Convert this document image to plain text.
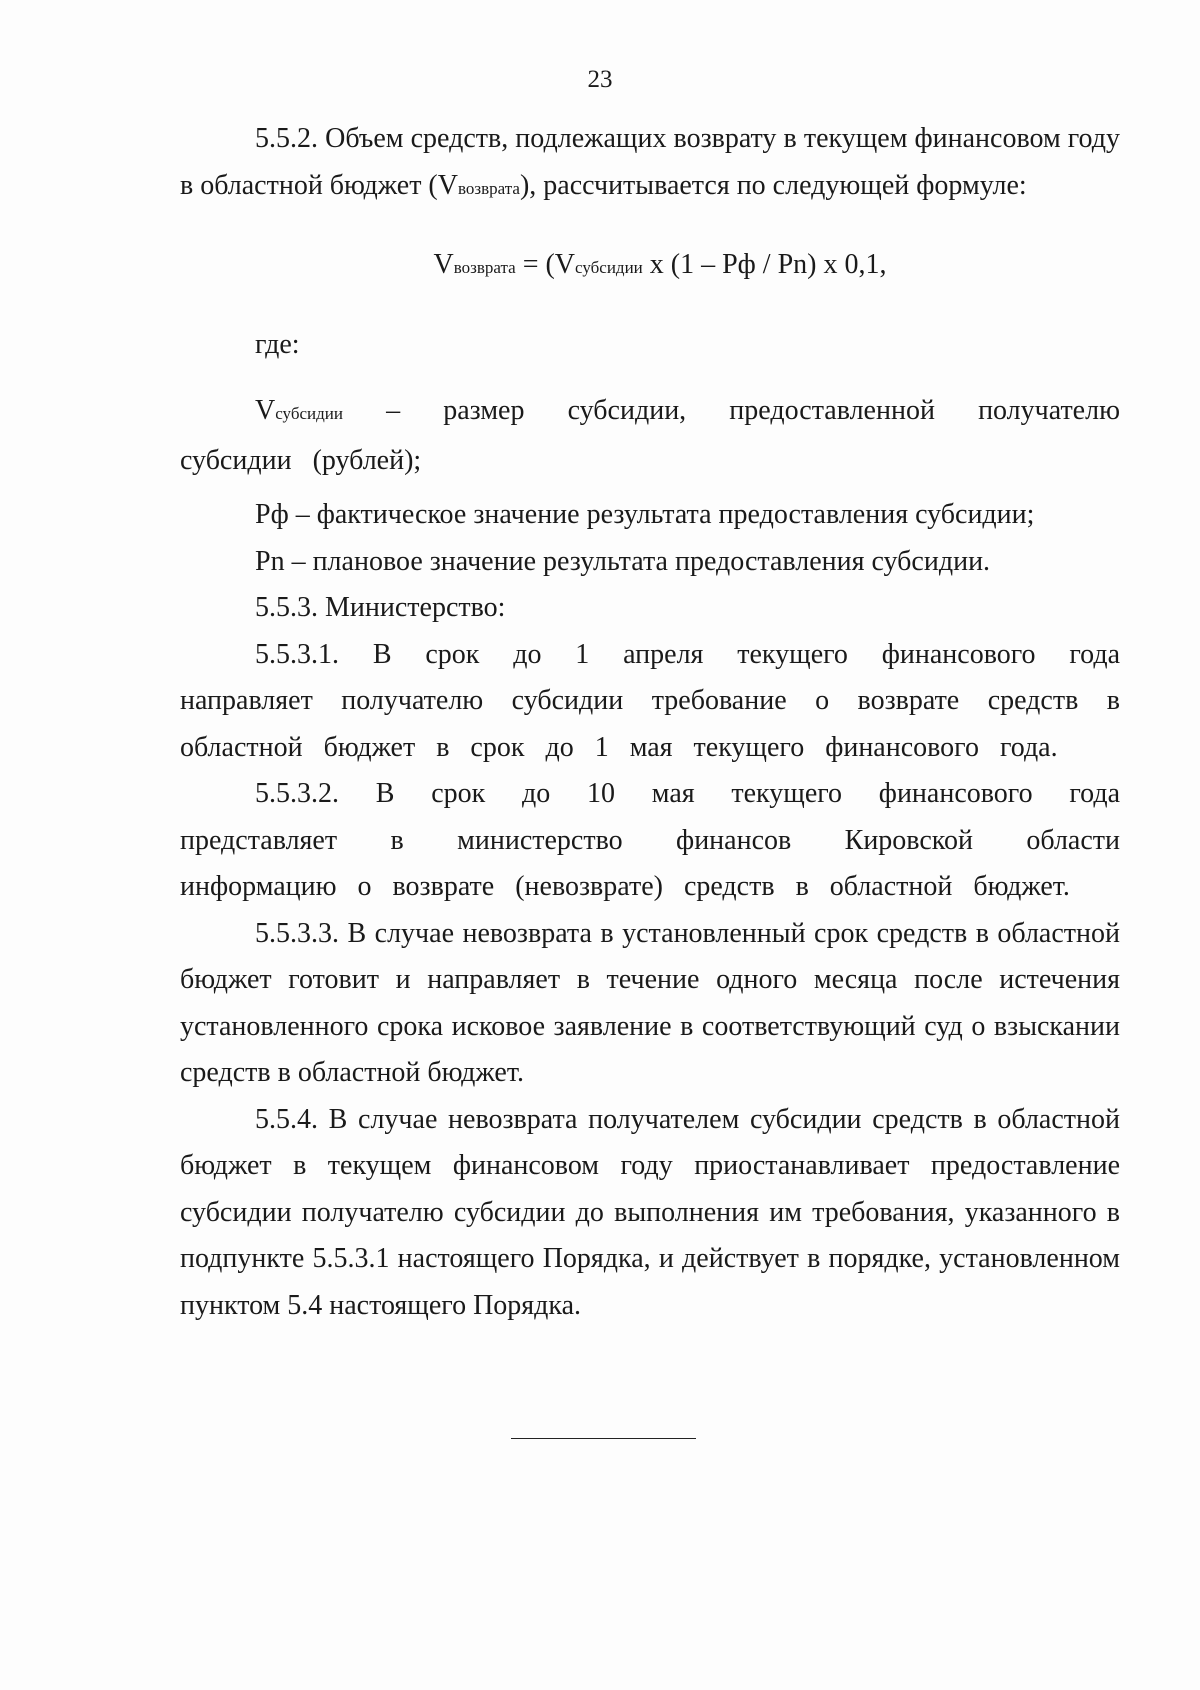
23

5.5.2. Объем средств, подлежащих возврату в текущем финансовом году в областной бюджет (Vвозврата), рассчитывается по следующей формуле:

Vвозврата = (Vсубсидии х (1 – Рф / Рn) х 0,1,

где:

Vсубсидии – размер субсидии, предоставленной получателю субсидии (рублей);

Рф – фактическое значение результата предоставления субсидии;

Рn – плановое значение результата предоставления субсидии.

5.5.3. Министерство:

5.5.3.1. В срок до 1 апреля текущего финансового года направляет получателю субсидии требование о возврате средств в областной бюджет в срок до 1 мая текущего финансового года.

5.5.3.2. В срок до 10 мая текущего финансового года представляет в министерство финансов Кировской области информацию о возврате (невозврате) средств в областной бюджет.

5.5.3.3. В случае невозврата в установленный срок средств в областной бюджет готовит и направляет в течение одного месяца после истечения установленного срока исковое заявление в соответствующий суд о взыскании средств в областной бюджет.

5.5.4. В случае невозврата получателем субсидии средств в областной бюджет в текущем финансовом году приостанавливает предоставление субсидии получателю субсидии до выполнения им требования, указанного в подпункте 5.5.3.1 настоящего Порядка, и действует в порядке, установленном пунктом 5.4 настоящего Порядка.
